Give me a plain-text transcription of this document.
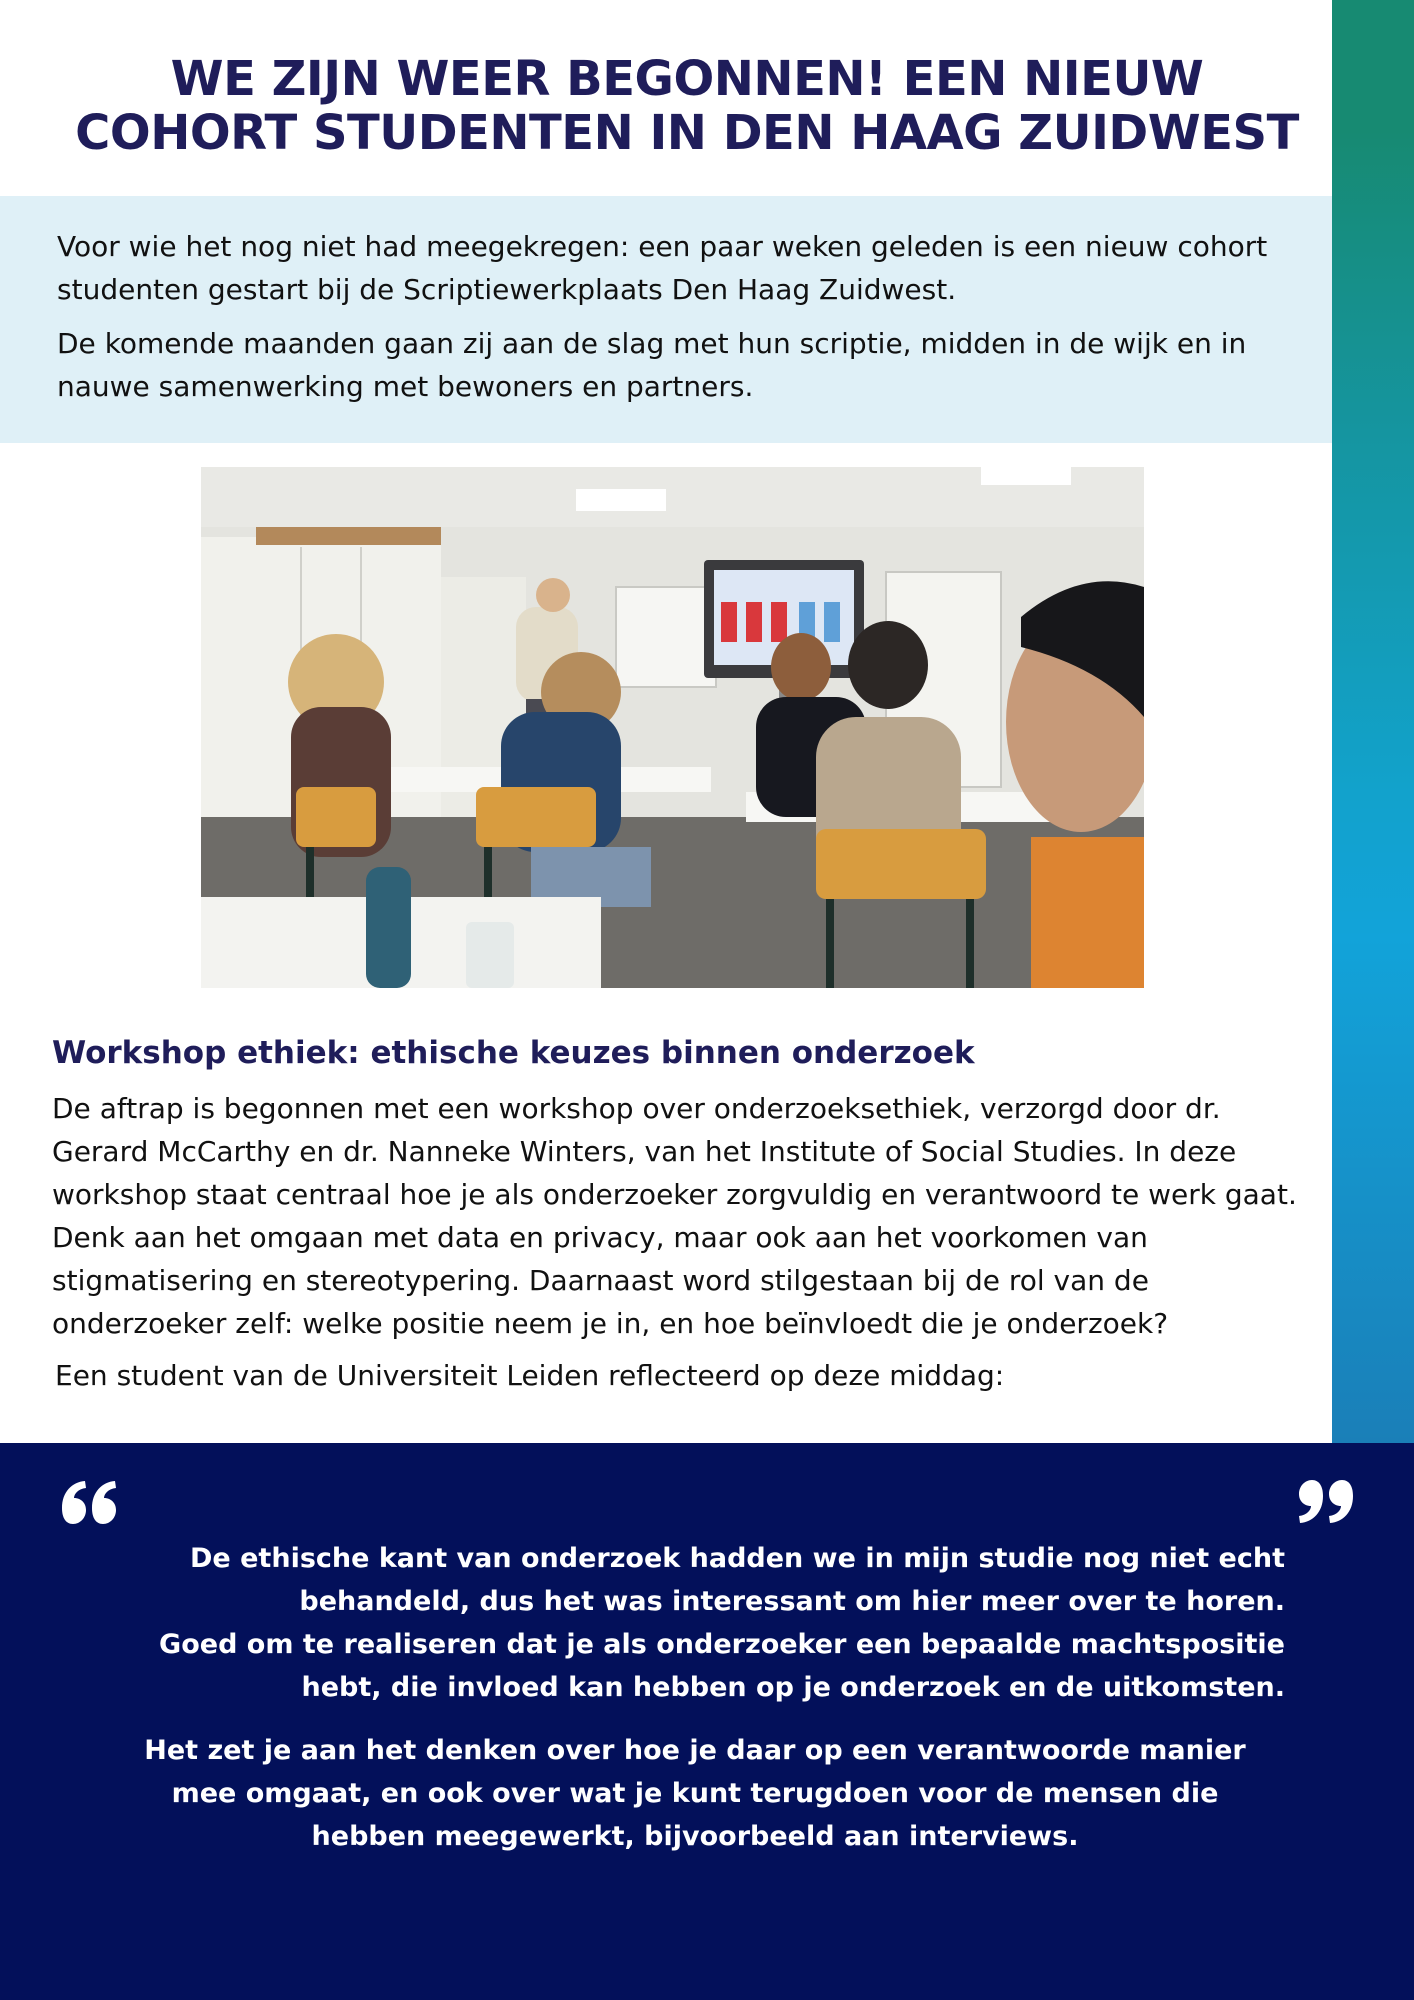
WE ZIJN WEER BEGONNEN! EEN NIEUW
COHORT STUDENTEN IN DEN HAAG ZUIDWEST

Voor wie het nog niet had meegekregen: een paar weken geleden is een nieuw cohort studenten gestart bij de Scriptiewerkplaats Den Haag Zuidwest.

De komende maanden gaan zij aan de slag met hun scriptie, midden in de wijk en in nauwe samenwerking met bewoners en partners.

Workshop ethiek: ethische keuzes binnen onderzoek

De aftrap is begonnen met een workshop over onderzoeksethiek, verzorgd door dr. Gerard McCarthy en dr. Nanneke Winters, van het Institute of Social Studies. In deze workshop staat centraal hoe je als onderzoeker zorgvuldig en verantwoord te werk gaat. Denk aan het omgaan met data en privacy, maar ook aan het voorkomen van stigmatisering en stereotypering. Daarnaast word stilgestaan bij de rol van de onderzoeker zelf: welke positie neem je in, en hoe beïnvloedt die je onderzoek?

Een student van de Universiteit Leiden reflecteerd op deze middag:

De ethische kant van onderzoek hadden we in mijn studie nog niet echt
behandeld, dus het was interessant om hier meer over te horen.
Goed om te realiseren dat je als onderzoeker een bepaalde machtspositie
hebt, die invloed kan hebben op je onderzoek en de uitkomsten.

Het zet je aan het denken over hoe je daar op een verantwoorde manier mee omgaat, en ook over wat je kunt terugdoen voor de mensen die hebben meegewerkt, bijvoorbeeld aan interviews.
